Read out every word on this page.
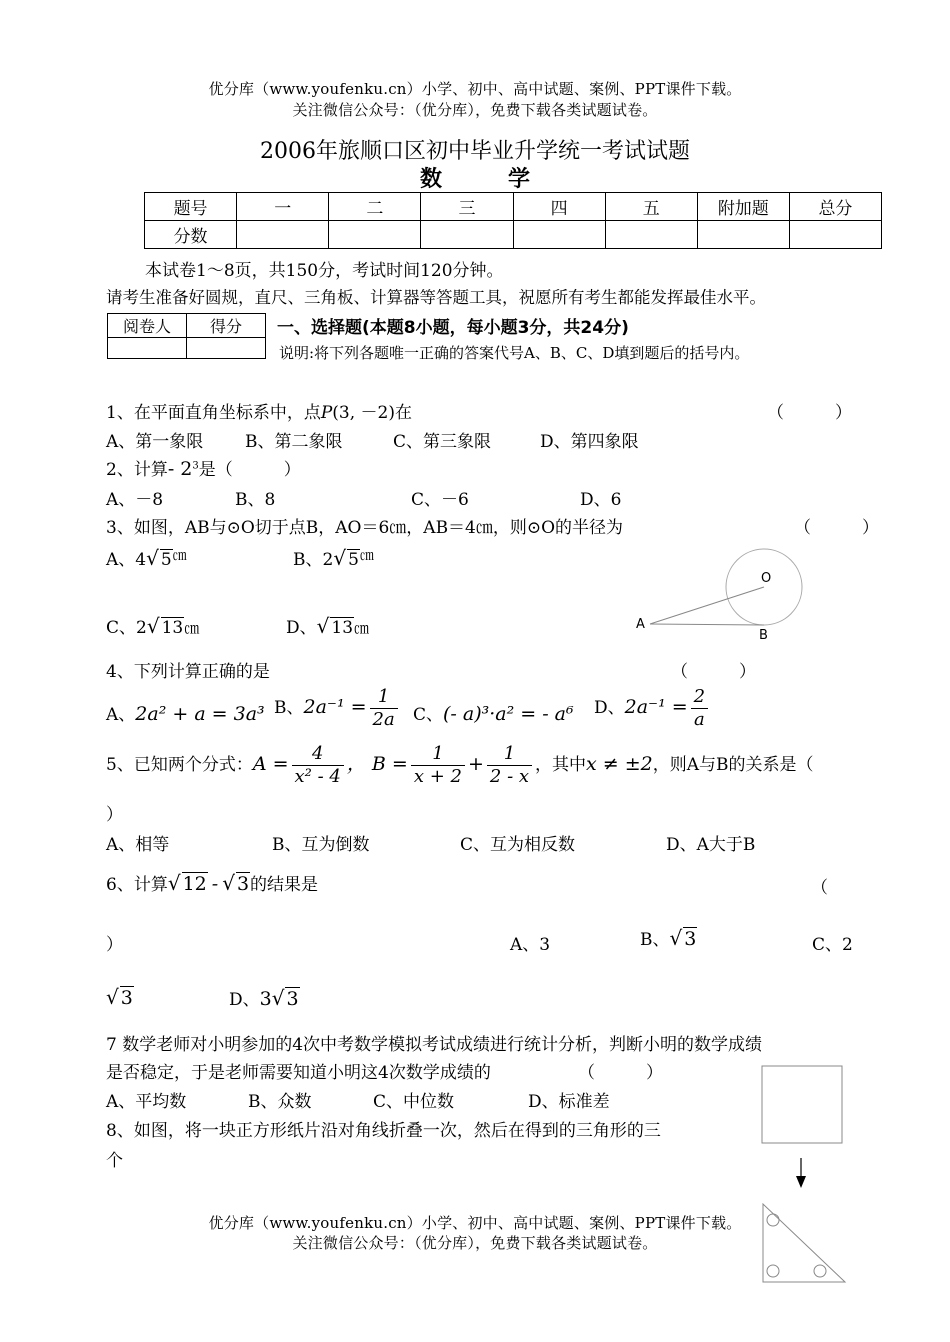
优分库（www.youfenku.cn）小学、初中、高中试题、案例、PPT课件下载。
关注微信公众号：（优分库），免费下载各类试题试卷。
2006年旅顺口区初中毕业升学统一考试试题
数　　　学
题号	一	二	三	四	五	附加题	总分
分数							
本试卷1～8页，共150分，考试时间120分钟。
请考生准备好圆规，直尺、三角板、计算器等答题工具，祝愿所有考生都能发挥最佳水平。
阅卷人	得分
	一、选择题(本题8小题，每小题3分，共24分)
说明:将下列各题唯一正确的答案代号A、B、C、D填到题后的括号内。
1、在平面直角坐标系中，点P(3, －2)在	（　　　）
A、第一象限 B、第二象限	C、第三象限	D、第四象限
2、计算- $2^3$是（　　　）
A、－8	B、8	C、－6	D、6
3、如图，AB与⊙O切于点B，AO＝6㎝，AB＝4㎝，则⊙O的半径为	（　　　）
A、4√ 5㎝	B、2√ 5㎝
C、2√ 13㎝	D、√ 13㎝
O
A
B
4、下列计算正确的是	（　　　）
A、2a² + a = 3a³ B、$2a^{-1} = \frac{1}{2a}$ C、(- a)³·a² = - a⁶ D、$2a^{-1} = \frac{2}{a}$
5、已知两个分式：$A = \frac{4}{\text{x² - 4}}$ ， $B = \frac{1}{x + 2} + \frac{1}{2 - x}$ ，其中x ≠ ±2，则A与B的关系是（
）
A、相等	B、互为倒数	C、互为相反数	D、A大于B
6、计算√ 12 - √ 3的结果是	（
）	A、3	B、√ 3	C、2
√ 3	D、3√ 3
7 数学老师对小明参加的4次中考数学模拟考试成绩进行统计分析，判断小明的数学成绩
是否稳定，于是老师需要知道小明这4次数学成绩的	（　　　）
A、平均数	B、众数	C、中位数	D、标准差
8、如图，将一块正方形纸片沿对角线折叠一次，然后在得到的三角形的三
个
优分库（www.youfenku.cn）小学、初中、高中试题、案例、PPT课件下载。
关注微信公众号：（优分库），免费下载各类试题试卷。
